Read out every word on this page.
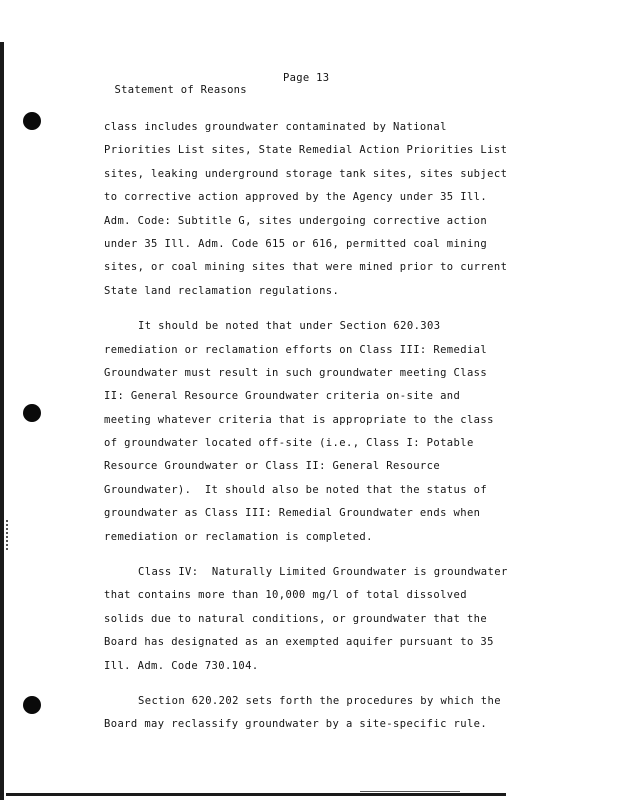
Statement of Reasons

Page 13

class includes groundwater contaminated by National
Priorities List sites, State Remedial Action Priorities List
sites, leaking underground storage tank sites, sites subject
to corrective action approved by the Agency under 35 Ill.
Adm. Code: Subtitle G, sites undergoing corrective action
under 35 Ill. Adm. Code 615 or 616, permitted coal mining
sites, or coal mining sites that were mined prior to current
State land reclamation regulations.
It should be noted that under Section 620.303
remediation or reclamation efforts on Class III: Remedial
Groundwater must result in such groundwater meeting Class
II: General Resource Groundwater criteria on-site and
meeting whatever criteria that is appropriate to the class
of groundwater located off-site (i.e., Class I: Potable
Resource Groundwater or Class II: General Resource
Groundwater).  It should also be noted that the status of
groundwater as Class III: Remedial Groundwater ends when
remediation or reclamation is completed.
Class IV:  Naturally Limited Groundwater is groundwater
that contains more than 10,000 mg/l of total dissolved
solids due to natural conditions, or groundwater that the
Board has designated as an exempted aquifer pursuant to 35
Ill. Adm. Code 730.104.
Section 620.202 sets forth the procedures by which the
Board may reclassify groundwater by a site-specific rule.
